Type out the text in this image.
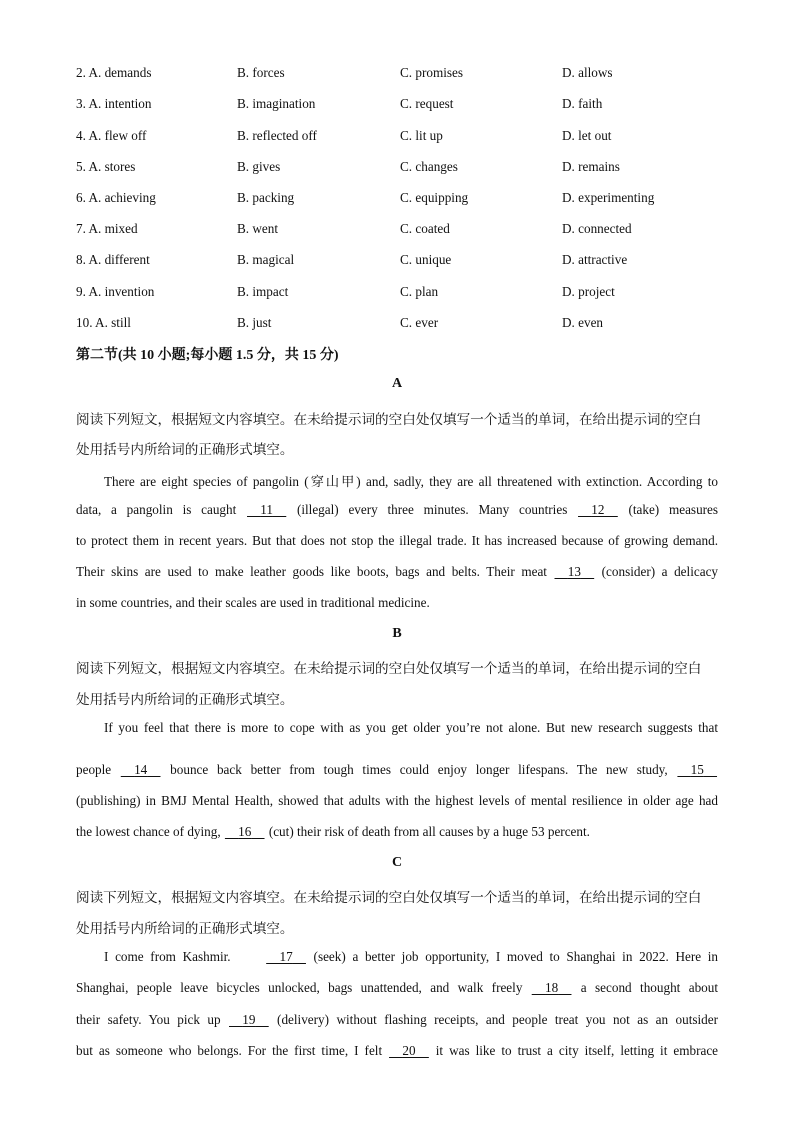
2. A. demands	B. forces	C. promises	D. allows
3. A. intention	B. imagination	C. request	D. faith
4. A. flew off	B. reflected off	C. lit up	D. let out
5. A. stores	B. gives	C. changes	D. remains
6. A. achieving	B. packing	C. equipping	D. experimenting
7. A. mixed	B. went	C. coated	D. connected
8. A. different	B. magical	C. unique	D. attractive
9. A. invention	B. impact	C. plan	D. project
10. A. still	B. just	C. ever	D. even
第二节(共 10 小题;每小题 1.5 分，共 15 分)
A
阅读下列短文，根据短文内容填空。在未给提示词的空白处仅填写一个适当的单词，在给出提示词的空白
处用括号内所给词的正确形式填空。
There are eight species of pangolin (穿山甲) and, sadly, they are all threatened with extinction. According to
data, a pangolin is caught 11 (illegal) every three minutes. Many countries 12 (take) measures
to protect them in recent years. But that does not stop the illegal trade. It has increased because of growing demand.
Their skins are used to make leather goods like boots, bags and belts. Their meat 13 (consider) a delicacy
in some countries, and their scales are used in traditional medicine.
B
阅读下列短文，根据短文内容填空。在未给提示词的空白处仅填写一个适当的单词，在给出提示词的空白
处用括号内所给词的正确形式填空。
If you feel that there is more to cope with as you get older you’re not alone. But new research suggests that
people 14 bounce back better from tough times could enjoy longer lifespans. The new study, 15
(publishing) in BMJ Mental Health, showed that adults with the highest levels of mental resilience in older age had
the lowest chance of dying, 16 (cut) their risk of death from all causes by a huge 53 percent.
C
阅读下列短文，根据短文内容填空。在未给提示词的空白处仅填写一个适当的单词，在给出提示词的空白
处用括号内所给词的正确形式填空。
I come from Kashmir.	17 (seek) a better job opportunity, I moved to Shanghai in 2022. Here in
Shanghai, people leave bicycles unlocked, bags unattended, and walk freely 18 a second thought about
their safety. You pick up 19 (delivery) without flashing receipts, and people treat you not as an outsider
but as someone who belongs. For the first time, I felt 20 it was like to trust a city itself, letting it embrace
